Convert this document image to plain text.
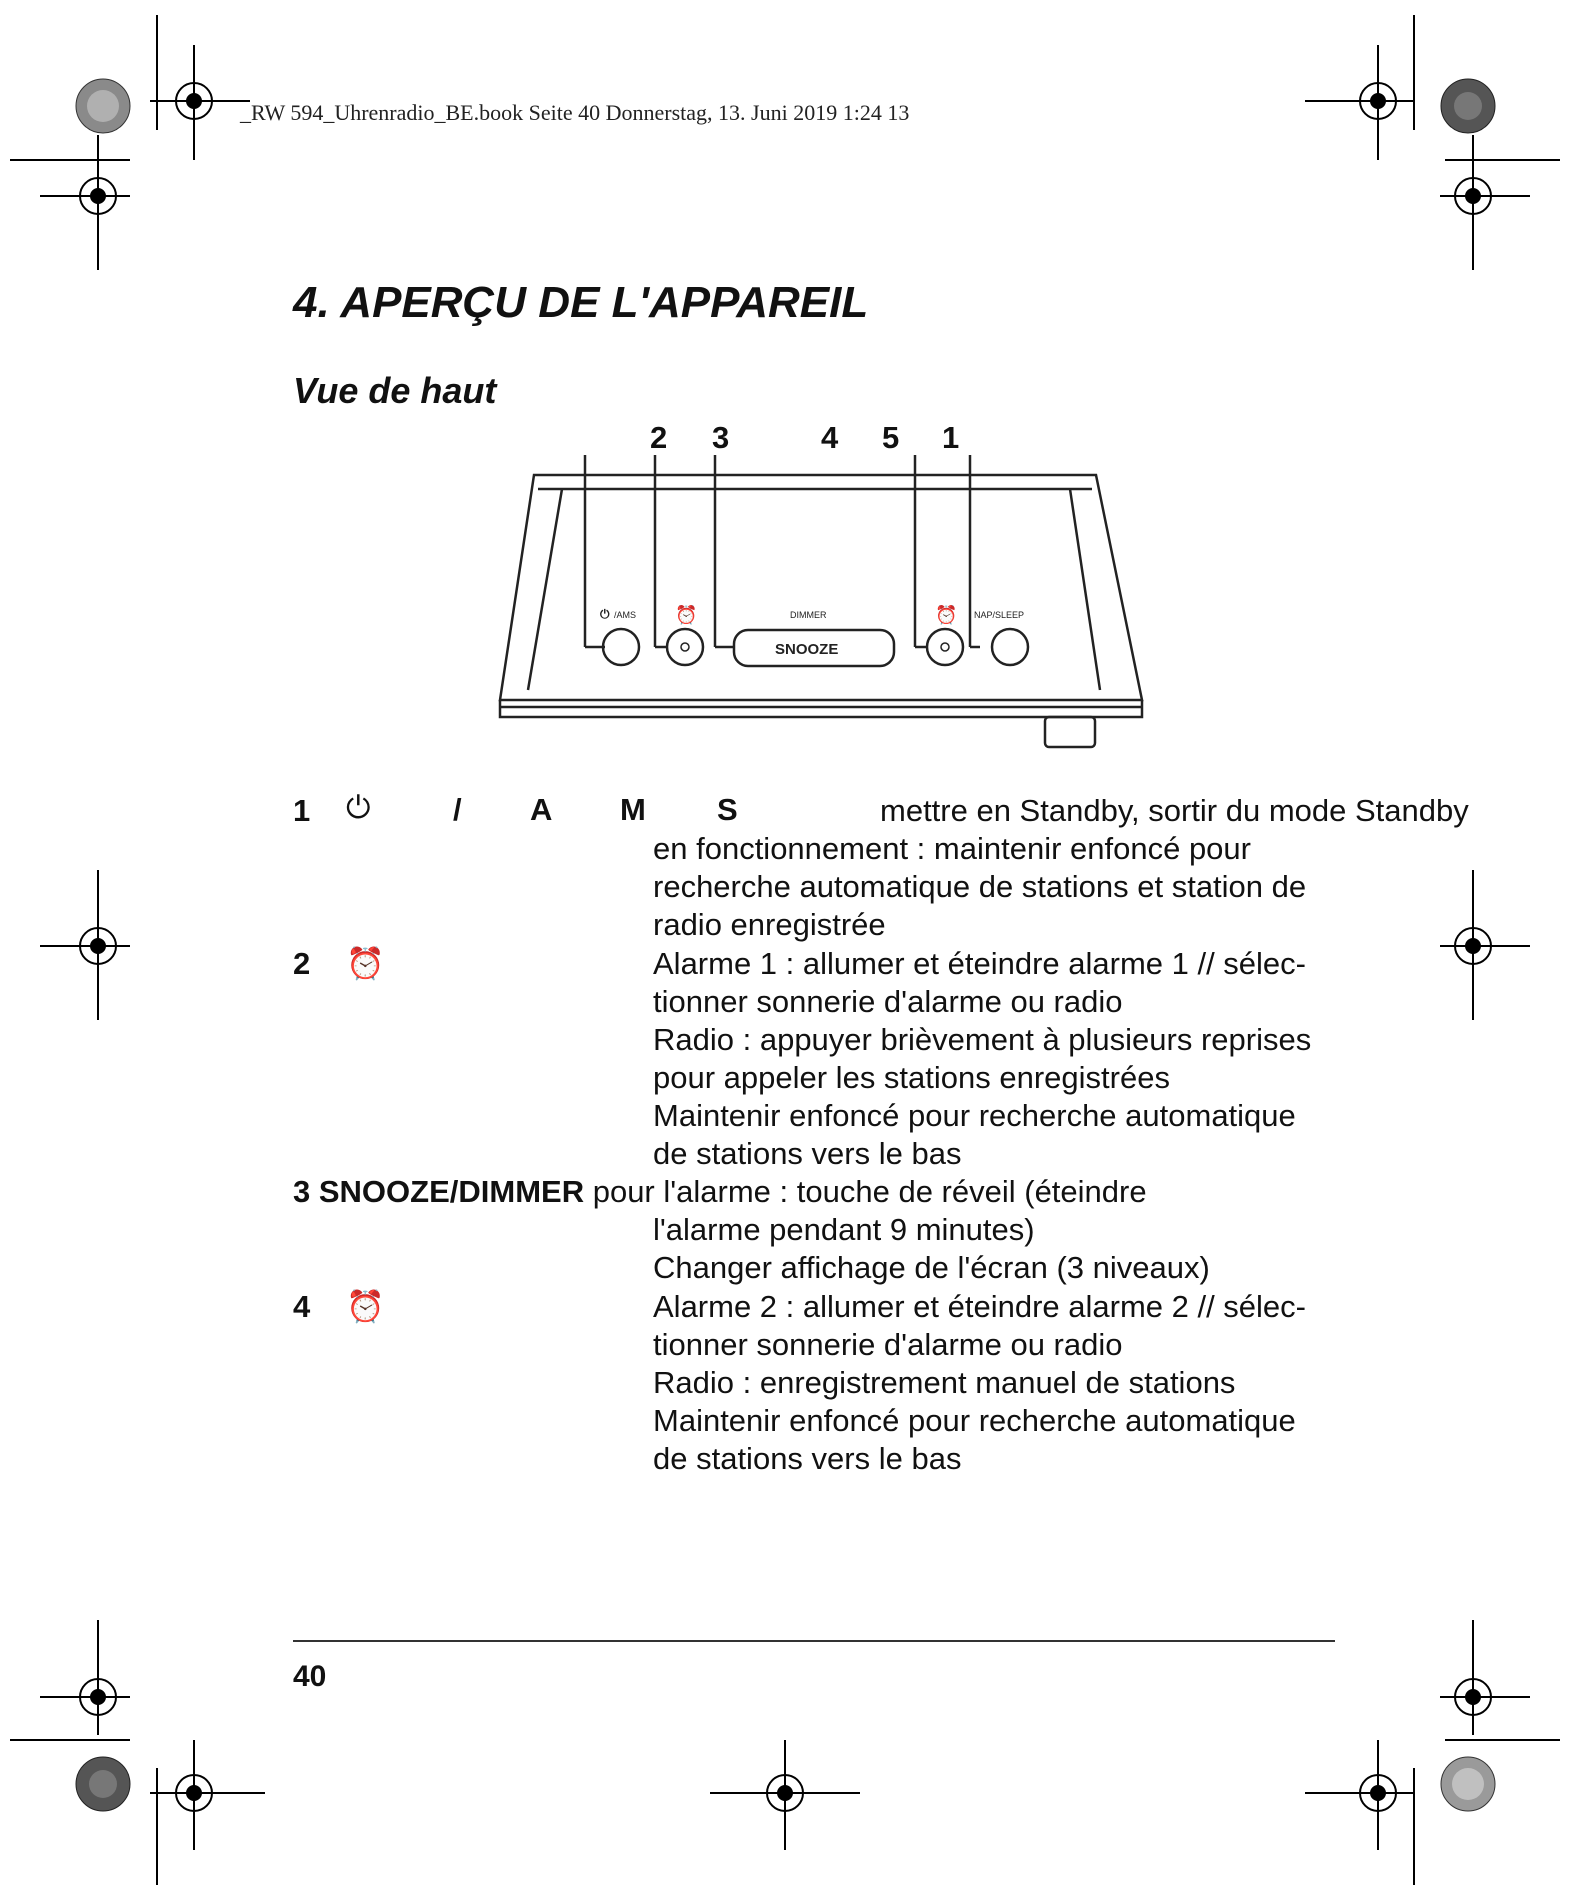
_RW 594_Uhrenradio_BE.book Seite 40 Donnerstag, 13. Juni 2019 1:24 13
4. APERÇU DE L'APPAREIL
Vue de haut
2 3	4 5 1
⏻ /AMS ⏰	DIMMER
SNOOZE
⏰ NAP/SLEEP
1 ⏻	/ A M S	mettre en Standby, sortir du mode Standby
en fonctionnement : maintenir enfoncé pour
recherche automatique de stations et station de
radio enregistrée
2 ⏰	Alarme 1 : allumer et éteindre alarme 1 // sélec-
tionner sonnerie d'alarme ou radio
Radio : appuyer brièvement à plusieurs reprises
pour appeler les stations enregistrées
Maintenir enfoncé pour recherche automatique
de stations vers le bas
3 SNOOZE/DIMMER pour l'alarme : touche de réveil (éteindre
l'alarme pendant 9 minutes)
Changer affichage de l'écran (3 niveaux)
4 ⏰	Alarme 2 : allumer et éteindre alarme 2 // sélec-
tionner sonnerie d'alarme ou radio
Radio : enregistrement manuel de stations
Maintenir enfoncé pour recherche automatique
de stations vers le bas
40
